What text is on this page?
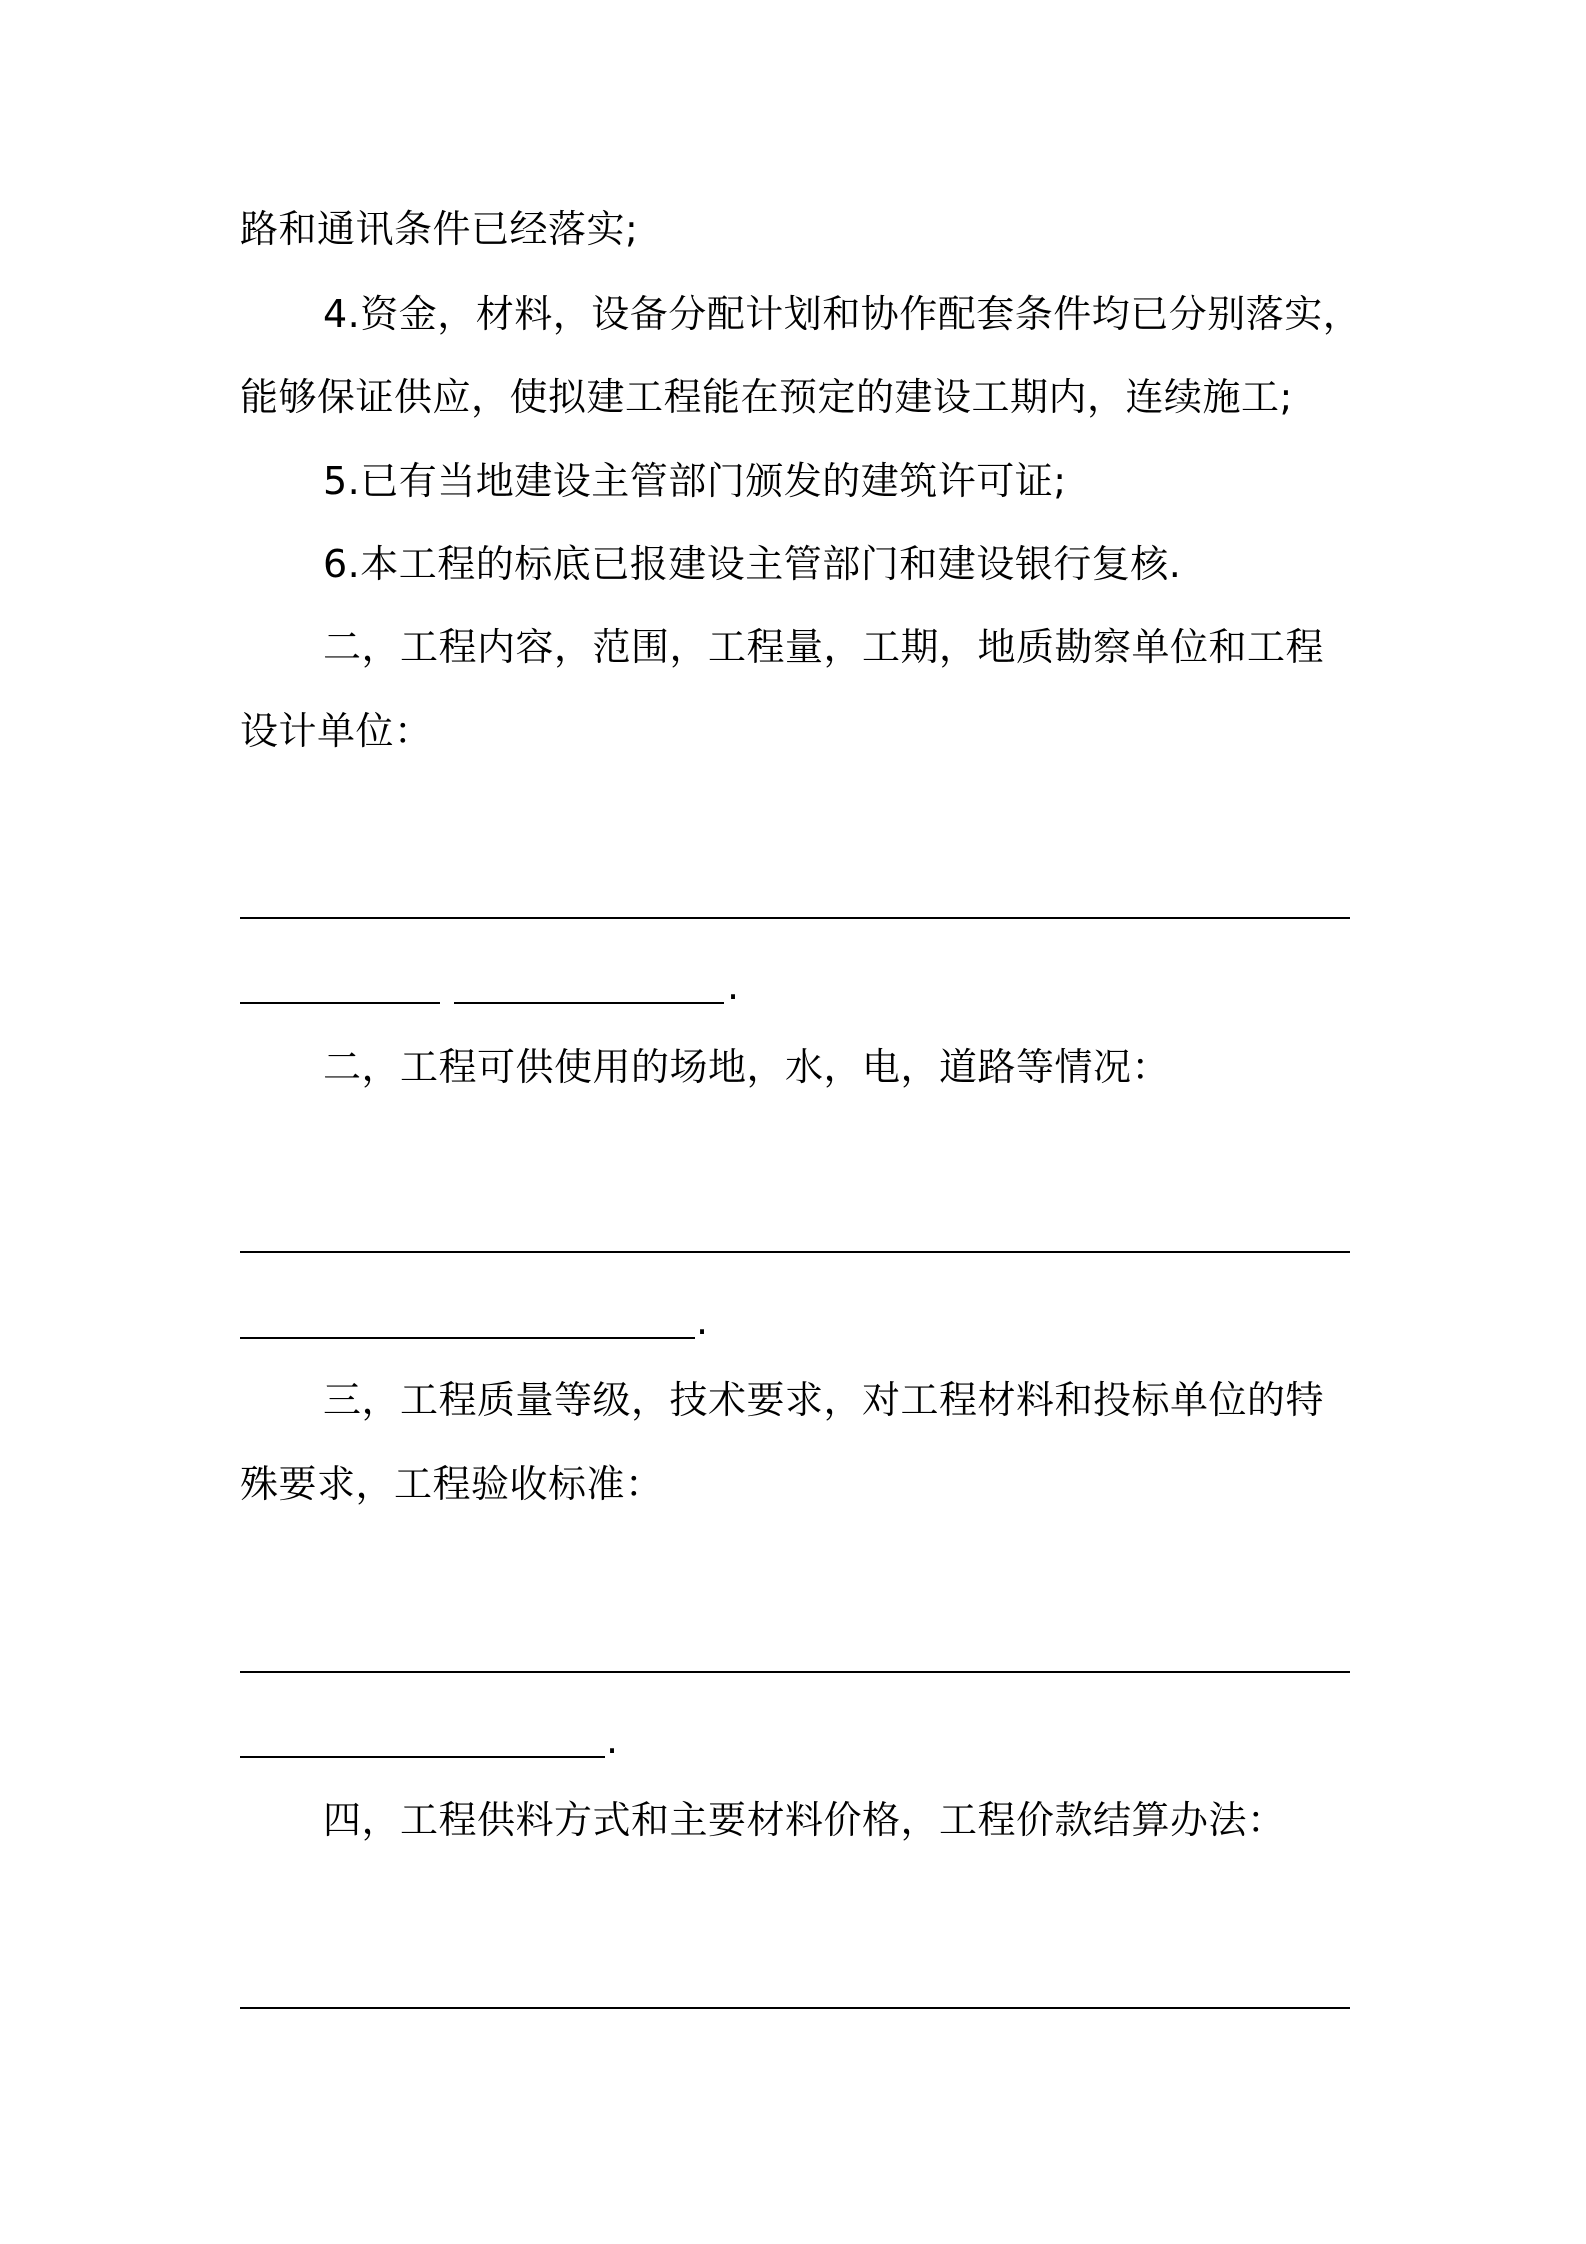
路和通讯条件已经落实;
4.资金，材料，设备分配计划和协作配套条件均已分别落实，
能够保证供应，使拟建工程能在预定的建设工期内，连续施工;
5.已有当地建设主管部门颁发的建筑许可证;
6.本工程的标底已报建设主管部门和建设银行复核.
二，工程内容，范围，工程量，工期，地质勘察单位和工程
设计单位：
.
二，工程可供使用的场地，水，电，道路等情况：
.
三，工程质量等级，技术要求，对工程材料和投标单位的特
殊要求，工程验收标准：
.
四，工程供料方式和主要材料价格，工程价款结算办法：
